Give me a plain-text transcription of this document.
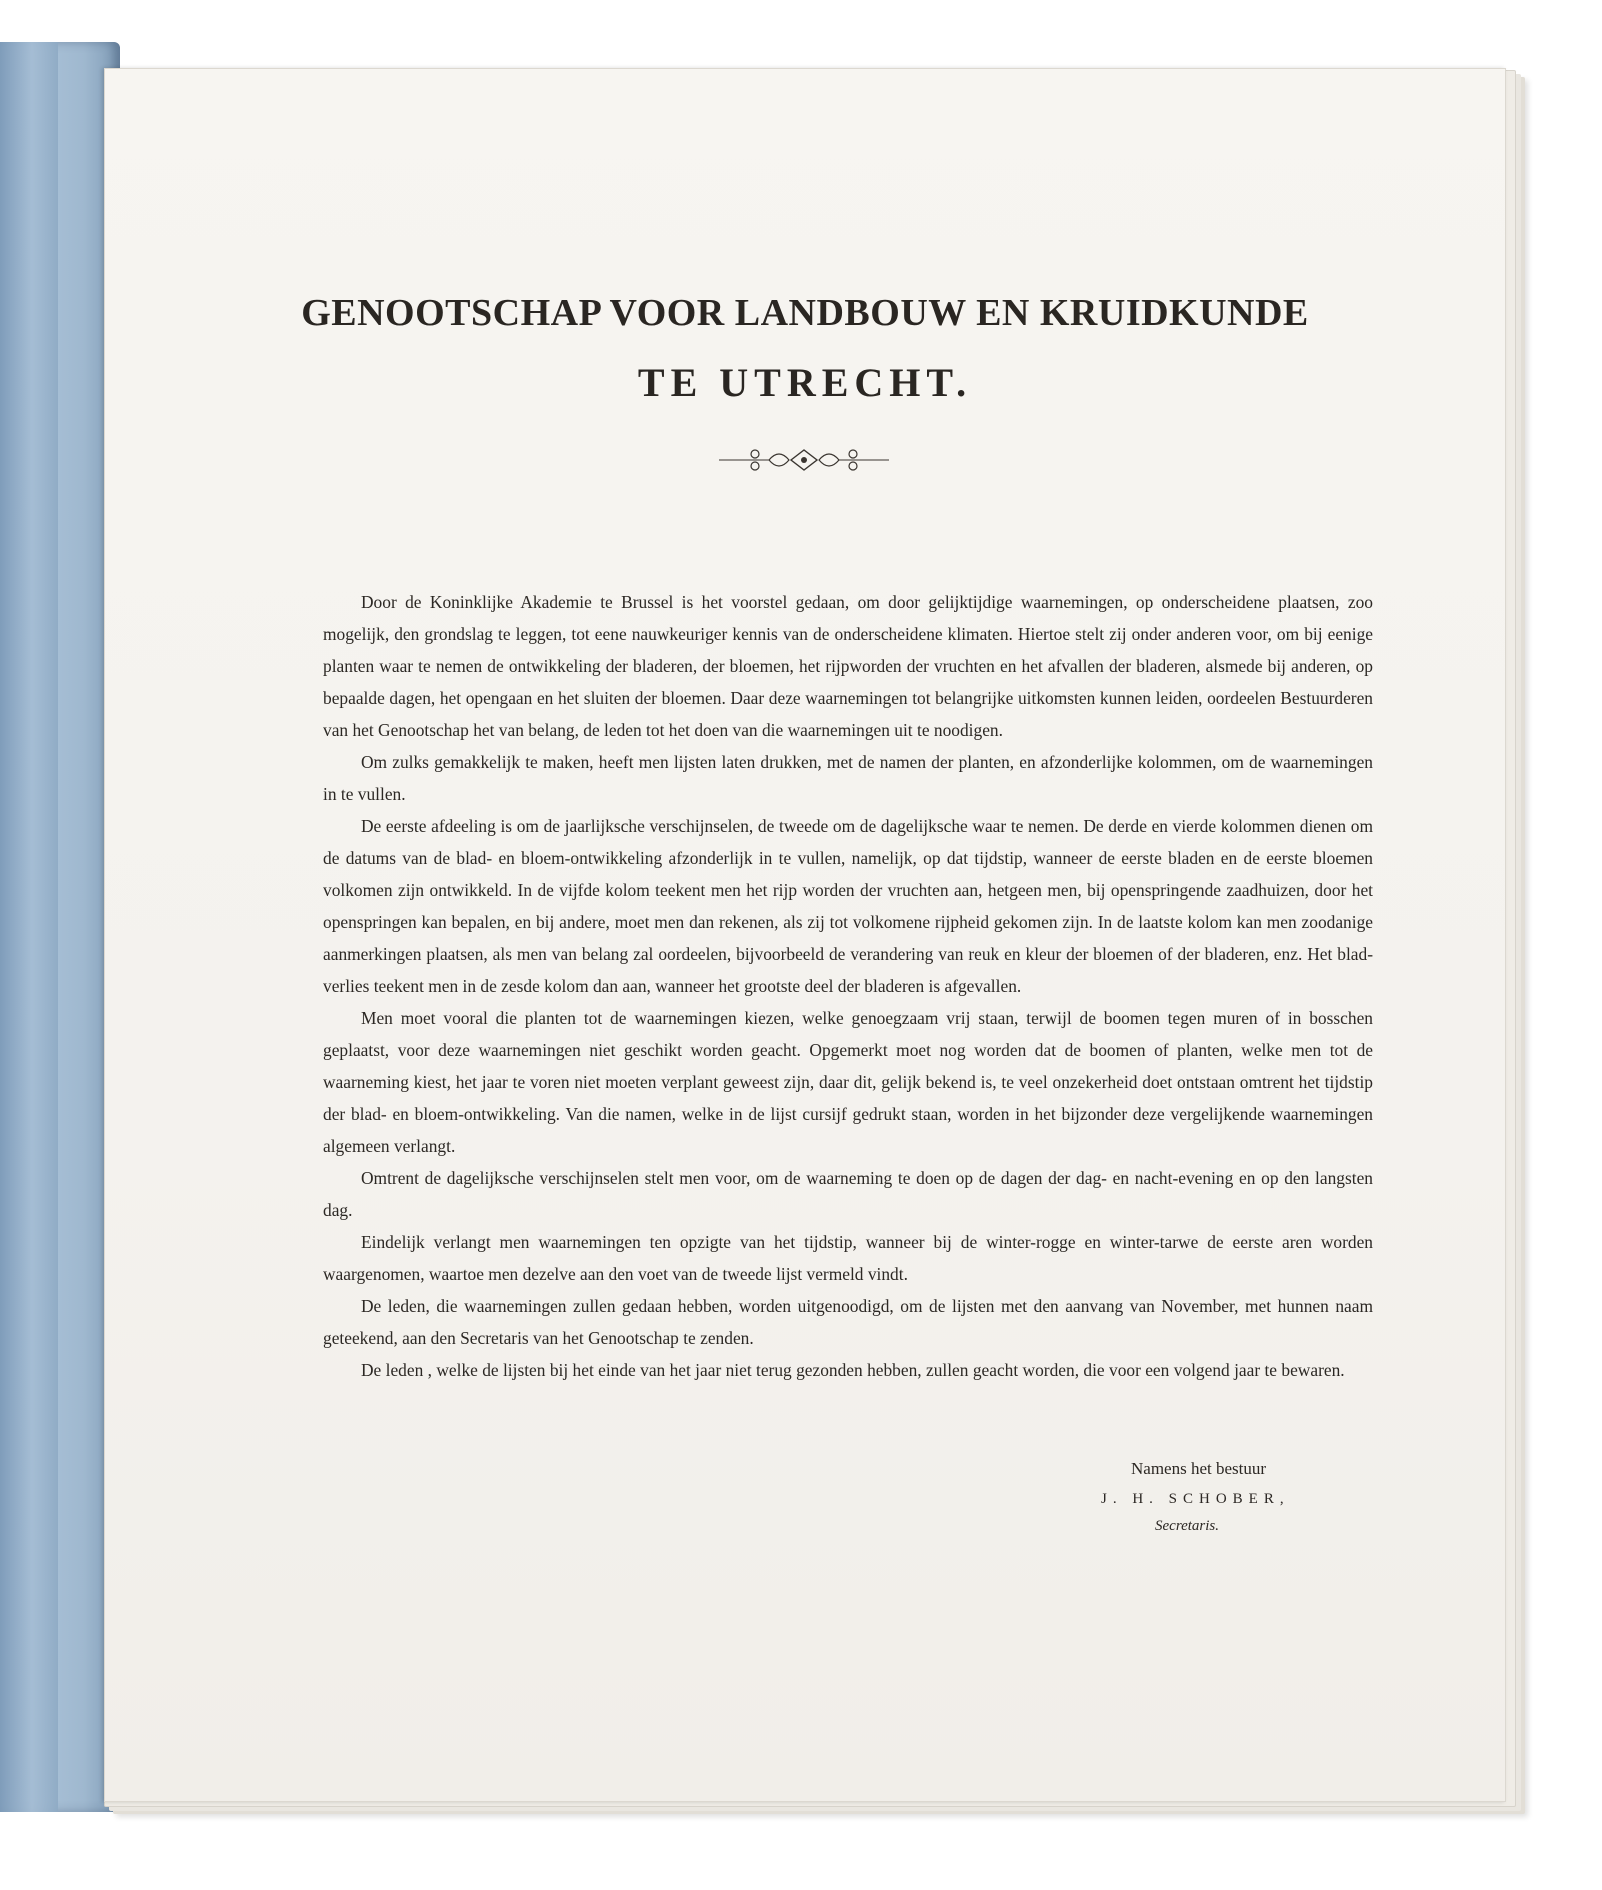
GENOOTSCHAP VOOR LANDBOUW EN KRUIDKUNDE
TE UTRECHT.

Door de Koninklijke Akademie te Brussel is het voorstel gedaan, om door gelijktijdige waarnemingen, op onderscheidene plaatsen, zoo mogelijk, den grondslag te leggen, tot eene nauwkeuriger kennis van de onderscheidene klimaten. Hiertoe stelt zij onder anderen voor, om bij eenige planten waar te nemen de ontwikkeling der bladeren, der bloemen, het rijpworden der vruchten en het afvallen der bladeren, alsmede bij anderen, op bepaalde dagen, het opengaan en het sluiten der bloemen. Daar deze waarnemingen tot belangrijke uitkomsten kunnen leiden, oordeelen Bestuurderen van het Genootschap het van belang, de leden tot het doen van die waarnemingen uit te noodigen.

Om zulks gemakkelijk te maken, heeft men lijsten laten drukken, met de namen der planten, en afzonderlijke kolommen, om de waarnemingen in te vullen.

De eerste afdeeling is om de jaarlijksche verschijnselen, de tweede om de dagelijksche waar te nemen. De derde en vierde kolommen dienen om de datums van de blad- en bloem-ontwikkeling afzonderlijk in te vullen, namelijk, op dat tijdstip, wanneer de eerste bladen en de eerste bloemen volkomen zijn ontwikkeld. In de vijfde kolom teekent men het rijp worden der vruchten aan, hetgeen men, bij openspringende zaadhuizen, door het openspringen kan bepalen, en bij andere, moet men dan rekenen, als zij tot volkomene rijpheid gekomen zijn. In de laatste kolom kan men zoodanige aanmerkingen plaatsen, als men van belang zal oordeelen, bijvoorbeeld de verandering van reuk en kleur der bloemen of der bladeren, enz. Het blad-verlies teekent men in de zesde kolom dan aan, wanneer het grootste deel der bladeren is afgevallen.

Men moet vooral die planten tot de waarnemingen kiezen, welke genoegzaam vrij staan, terwijl de boomen tegen muren of in bosschen geplaatst, voor deze waarnemingen niet geschikt worden geacht. Opgemerkt moet nog worden dat de boomen of planten, welke men tot de waarneming kiest, het jaar te voren niet moeten verplant geweest zijn, daar dit, gelijk bekend is, te veel onzekerheid doet ontstaan omtrent het tijdstip der blad- en bloem-ontwikkeling. Van die namen, welke in de lijst cursijf gedrukt staan, worden in het bijzonder deze vergelijkende waarnemingen algemeen verlangt.

Omtrent de dagelijksche verschijnselen stelt men voor, om de waarneming te doen op de dagen der dag- en nacht-evening en op den langsten dag.

Eindelijk verlangt men waarnemingen ten opzigte van het tijdstip, wanneer bij de winter-rogge en winter-tarwe de eerste aren worden waargenomen, waartoe men dezelve aan den voet van de tweede lijst vermeld vindt.

De leden, die waarnemingen zullen gedaan hebben, worden uitgenoodigd, om de lijsten met den aanvang van November, met hunnen naam geteekend, aan den Secretaris van het Genootschap te zenden.

De leden , welke de lijsten bij het einde van het jaar niet terug gezonden hebben, zullen geacht worden, die voor een volgend jaar te bewaren.

Namens het bestuur
J. H. SCHOBER,
Secretaris.
